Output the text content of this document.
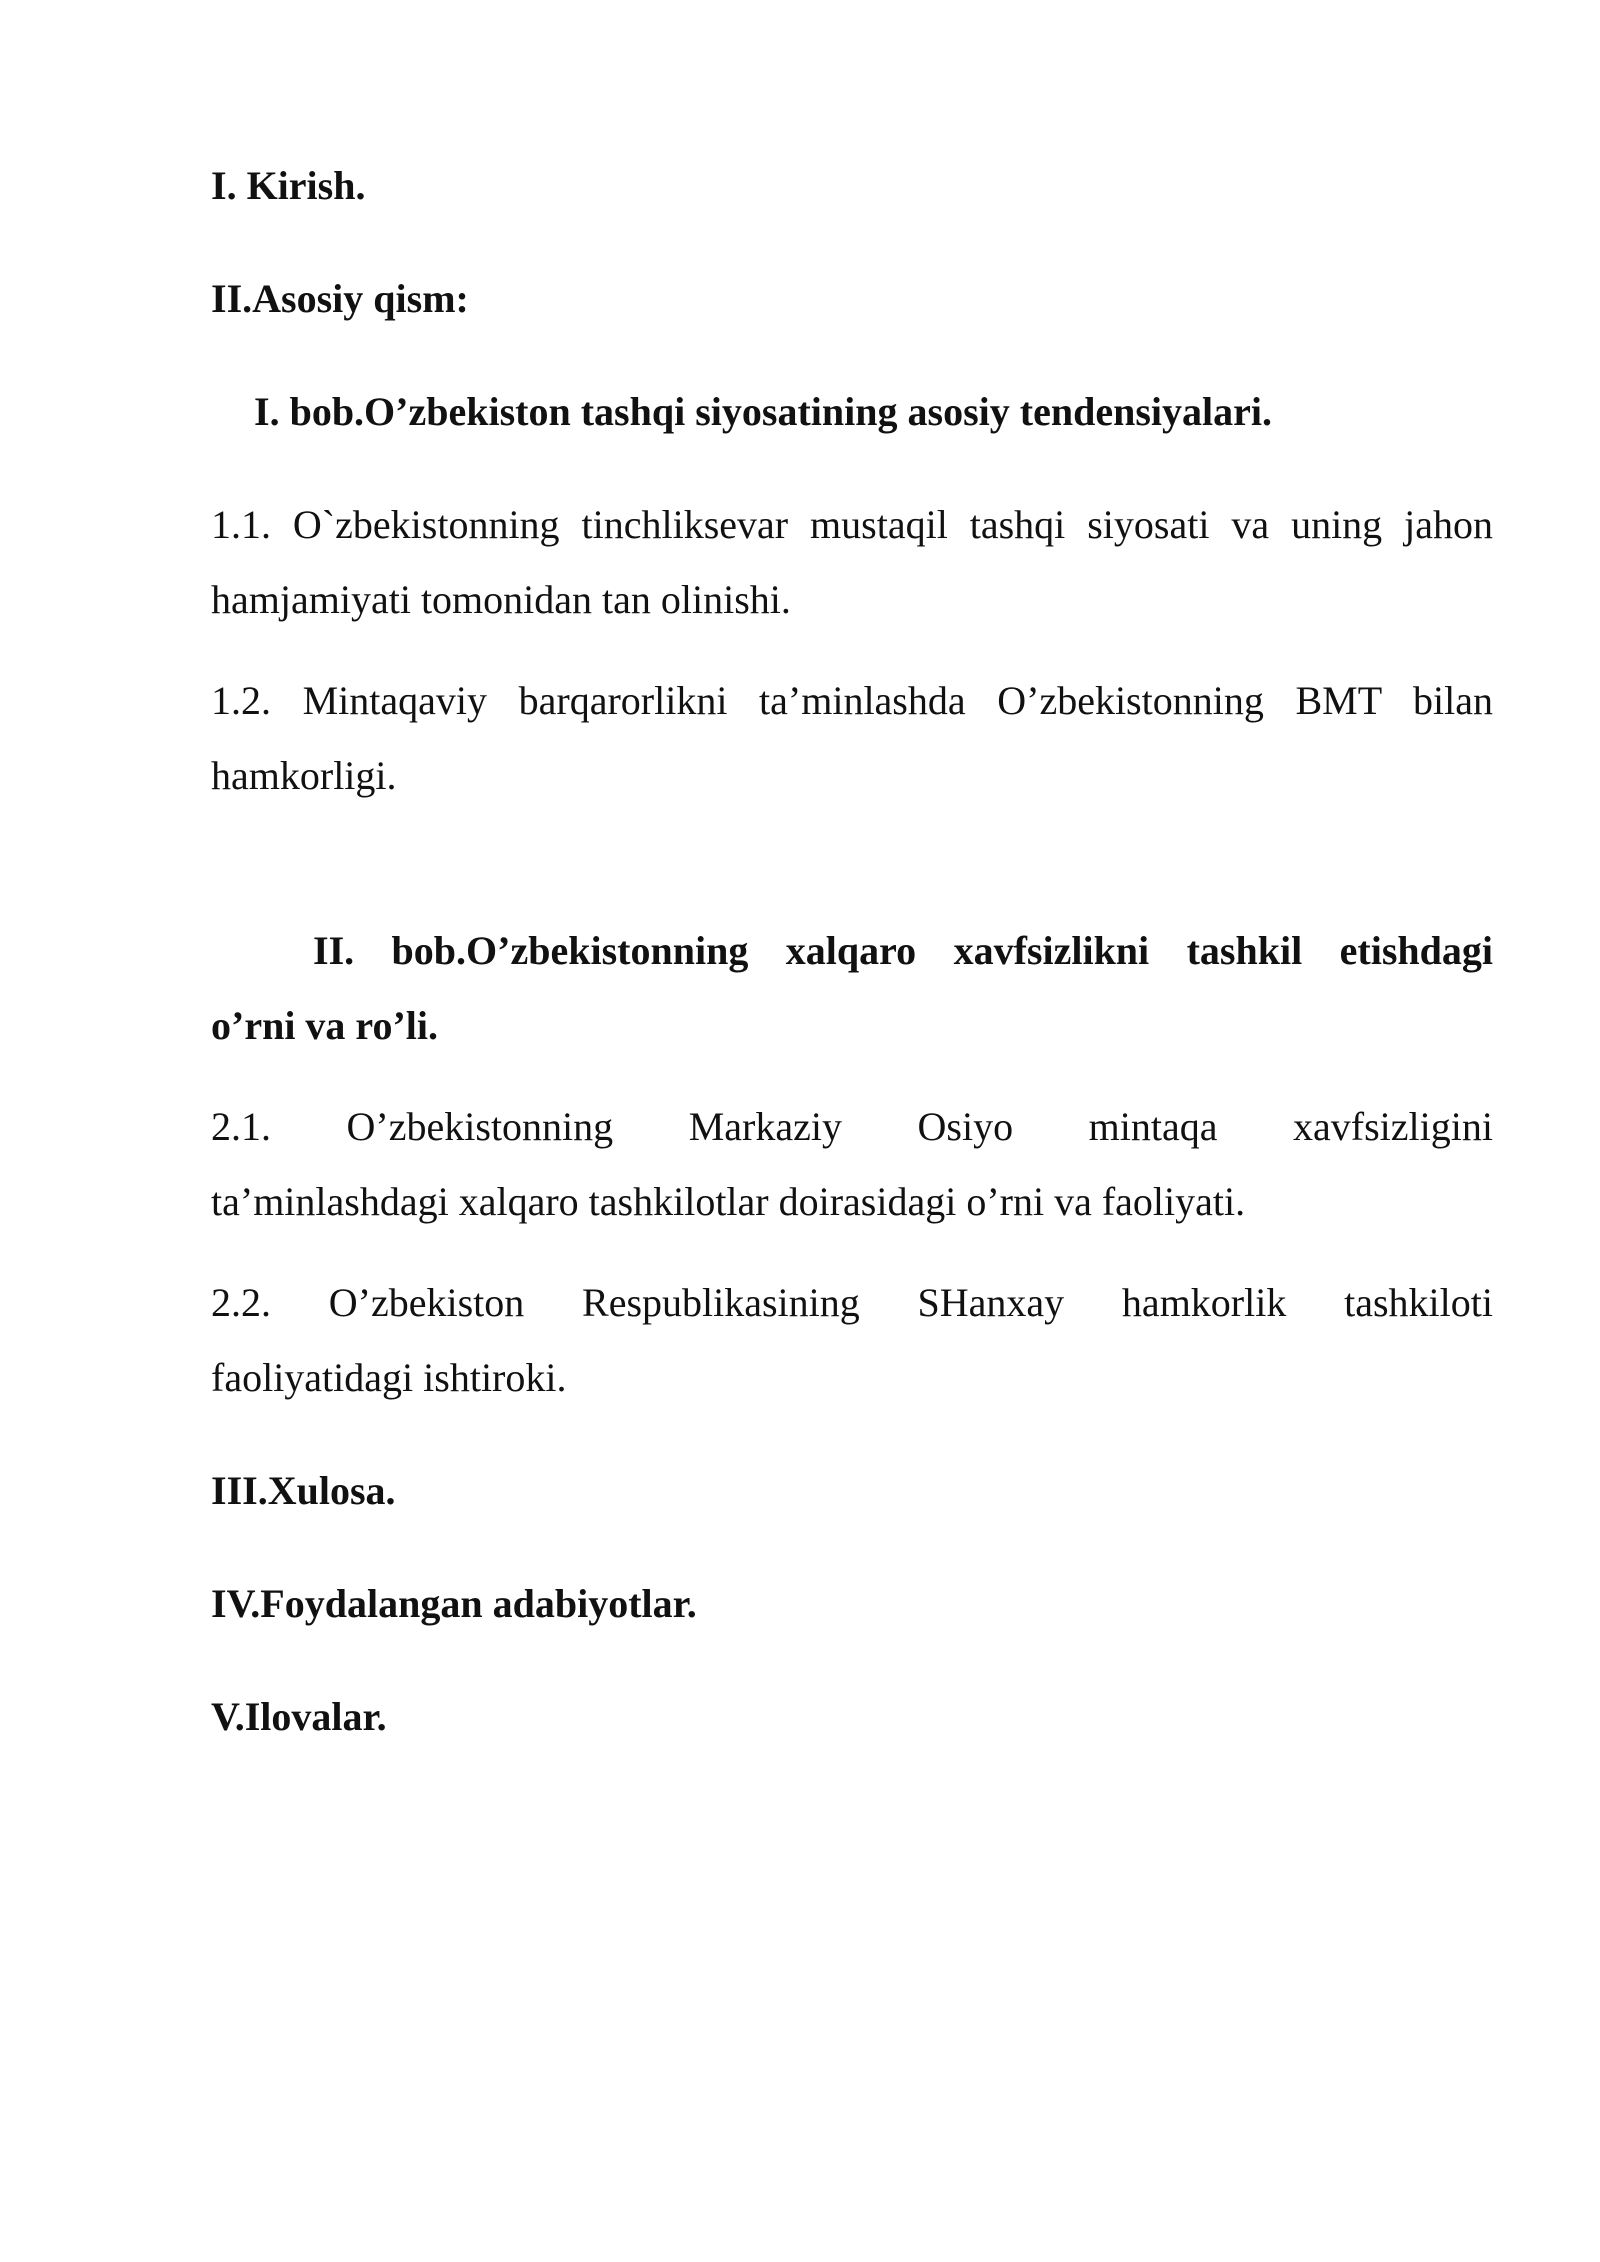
I. Kirish.

II.Asosiy qism:

I. bob.O’zbekiston tashqi siyosatining asosiy tendensiyalari.

1.1. O`zbekistonning tinchliksevar mustaqil tashqi siyosati va uning jahon

hamjamiyati tomonidan tan olinishi.

1.2. Mintaqaviy barqarorlikni ta’minlashda O’zbekistonning BMT bilan

hamkorligi.

II. bob.O’zbekistonning xalqaro xavfsizlikni tashkil etishdagi

o’rni va ro’li.

2.1. O’zbekistonning Markaziy Osiyo mintaqa xavfsizligini

ta’minlashdagi xalqaro tashkilotlar doirasidagi o’rni va faoliyati.

2.2. O’zbekiston Respublikasining SHanxay hamkorlik tashkiloti

faoliyatidagi ishtiroki.

III.Xulosa.

IV.Foydalangan adabiyotlar.

V.Ilovalar.
